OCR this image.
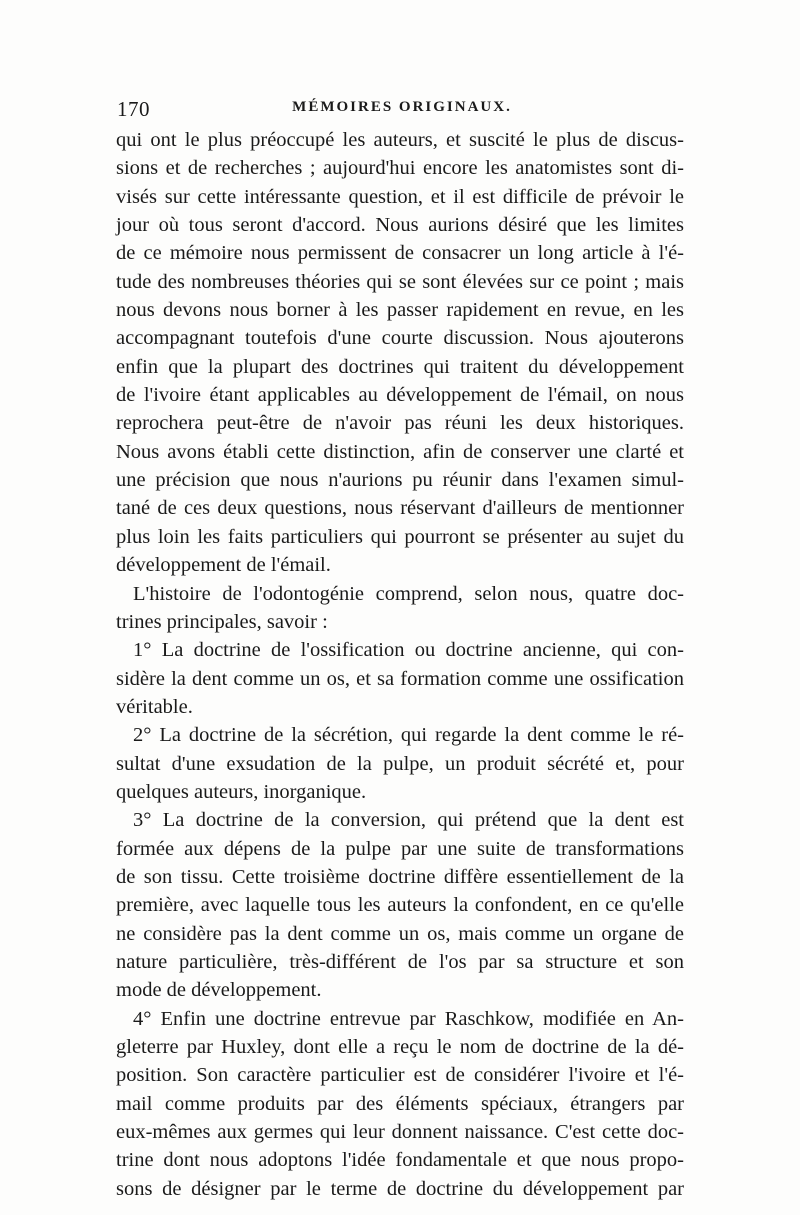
170	MÉMOIRES ORIGINAUX.
qui ont le plus préoccupé les auteurs, et suscité le plus de discus-
sions et de recherches ; aujourd'hui encore les anatomistes sont di-
visés sur cette intéressante question, et il est difficile de prévoir le
jour où tous seront d'accord. Nous aurions désiré que les limites
de ce mémoire nous permissent de consacrer un long article à l'é-
tude des nombreuses théories qui se sont élevées sur ce point ; mais
nous devons nous borner à les passer rapidement en revue, en les
accompagnant toutefois d'une courte discussion. Nous ajouterons
enfin que la plupart des doctrines qui traitent du développement
de l'ivoire étant applicables au développement de l'émail, on nous
reprochera peut-être de n'avoir pas réuni les deux historiques.
Nous avons établi cette distinction, afin de conserver une clarté et
une précision que nous n'aurions pu réunir dans l'examen simul-
tané de ces deux questions, nous réservant d'ailleurs de mentionner
plus loin les faits particuliers qui pourront se présenter au sujet du
développement de l'émail.
L'histoire de l'odontogénie comprend, selon nous, quatre doc-
trines principales, savoir :
1° La doctrine de l'ossification ou doctrine ancienne, qui con-
sidère la dent comme un os, et sa formation comme une ossification
véritable.
2° La doctrine de la sécrétion, qui regarde la dent comme le ré-
sultat d'une exsudation de la pulpe, un produit sécrété et, pour
quelques auteurs, inorganique.
3° La doctrine de la conversion, qui prétend que la dent est
formée aux dépens de la pulpe par une suite de transformations
de son tissu. Cette troisième doctrine diffère essentiellement de la
première, avec laquelle tous les auteurs la confondent, en ce qu'elle
ne considère pas la dent comme un os, mais comme un organe de
nature particulière, très-différent de l'os par sa structure et son
mode de développement.
4° Enfin une doctrine entrevue par Raschkow, modifiée en An-
gleterre par Huxley, dont elle a reçu le nom de doctrine de la dé-
position. Son caractère particulier est de considérer l'ivoire et l'é-
mail comme produits par des éléments spéciaux, étrangers par
eux-mêmes aux germes qui leur donnent naissance. C'est cette doc-
trine dont nous adoptons l'idée fondamentale et que nous propo-
sons de désigner par le terme de doctrine du développement par
